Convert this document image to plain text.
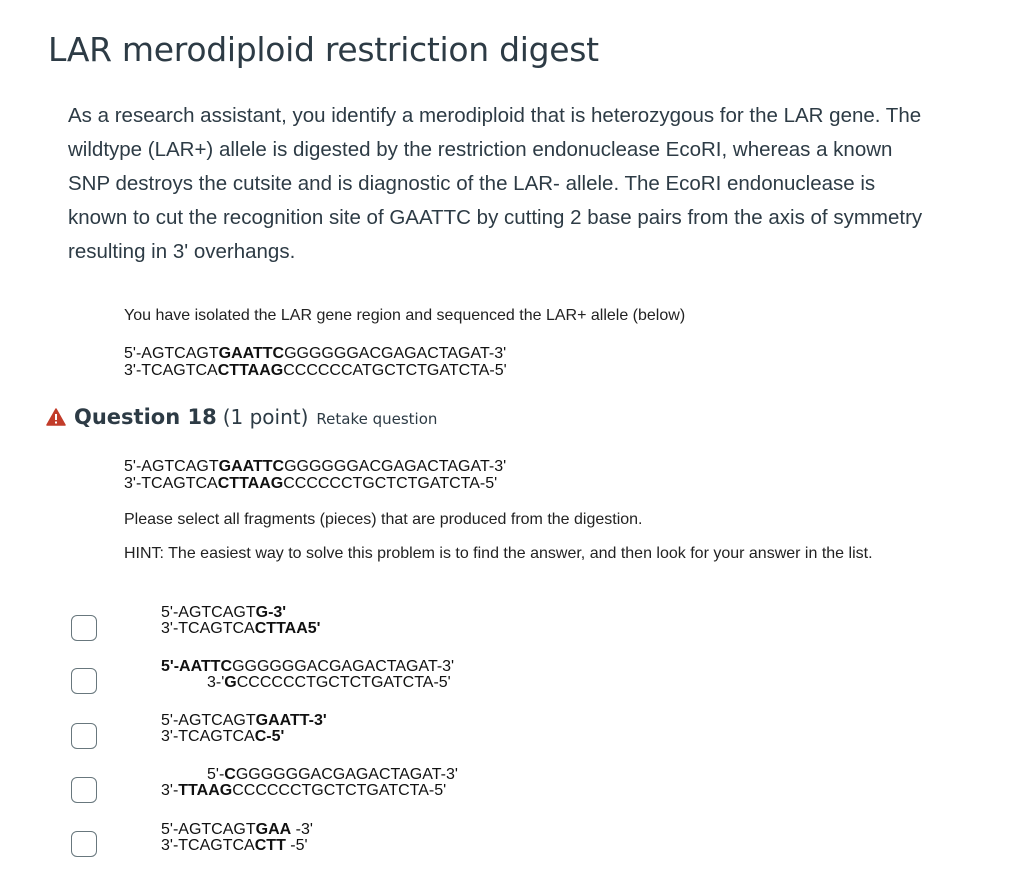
LAR merodiploid restriction digest

As a research assistant, you identify a merodiploid that is heterozygous for the LAR gene. The wildtype (LAR+) allele is digested by the restriction endonuclease EcoRI, whereas a known SNP destroys the cutsite and is diagnostic of the LAR- allele. The EcoRI endonuclease is known to cut the recognition site of GAATTC by cutting 2 base pairs from the axis of symmetry resulting in 3' overhangs.

You have isolated the LAR gene region and sequenced the LAR+ allele (below)

5'-AGTCAGTGAATTCGGGGGGACGAGACTAGAT-3'
3'-TCAGTCACTTAAGCCCCCCATGCTCTGATCTA-5'
Question 18 (1 point) Retake question
5'-AGTCAGTGAATTCGGGGGGACGAGACTAGAT-3'
3'-TCAGTCACTTAAGCCCCCCTGCTCTGATCTA-5'

Please select all fragments (pieces) that are produced from the digestion.

HINT: The easiest way to solve this problem is to find the answer, and then look for your answer in the list.

5'-AGTCAGTG-3'
3'-TCAGTCACTTAA5'
5'-AATTCGGGGGGACGAGACTAGAT-3'
3-'GCCCCCCTGCTCTGATCTA-5'
5'-AGTCAGTGAATT-3'
3'-TCAGTCAC-5'
5'-CGGGGGGACGAGACTAGAT-3'
3'-TTAAGCCCCCCTGCTCTGATCTA-5'
5'-AGTCAGTGAA -3'
3'-TCAGTCACTT -5'
